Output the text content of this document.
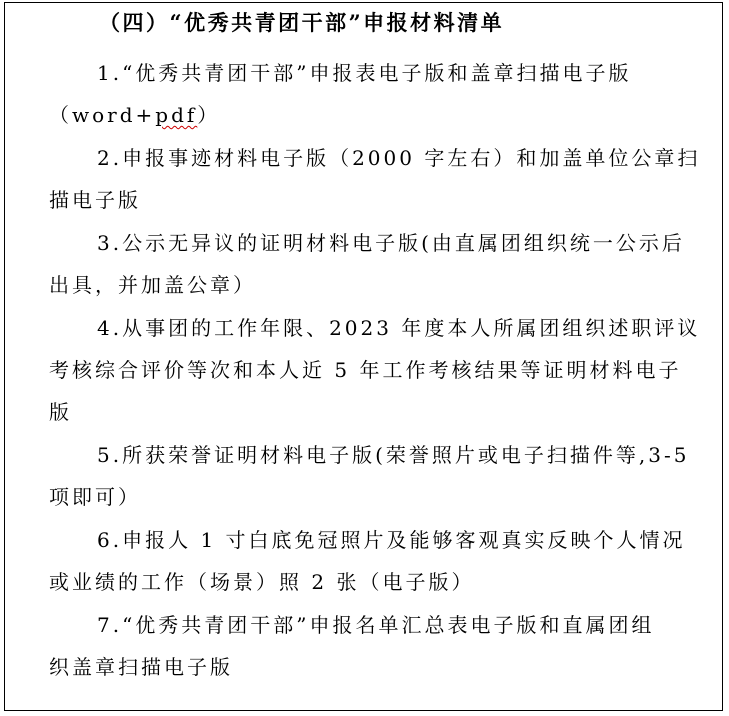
（四）“优秀共青团干部”申报材料清单
1.“优秀共青团干部”申报表电子版和盖章扫描电子版
（word+pdf）
2.申报事迹材料电子版（2000 字左右）和加盖单位公章扫
描电子版
3.公示无异议的证明材料电子版(由直属团组织统一公示后
出具，并加盖公章）
4.从事团的工作年限、2023 年度本人所属团组织述职评议
考核综合评价等次和本人近 5 年工作考核结果等证明材料电子
版
5.所获荣誉证明材料电子版(荣誉照片或电子扫描件等,3-5
项即可）
6.申报人 1 寸白底免冠照片及能够客观真实反映个人情况
或业绩的工作（场景）照 2 张（电子版）
7.“优秀共青团干部”申报名单汇总表电子版和直属团组
织盖章扫描电子版
